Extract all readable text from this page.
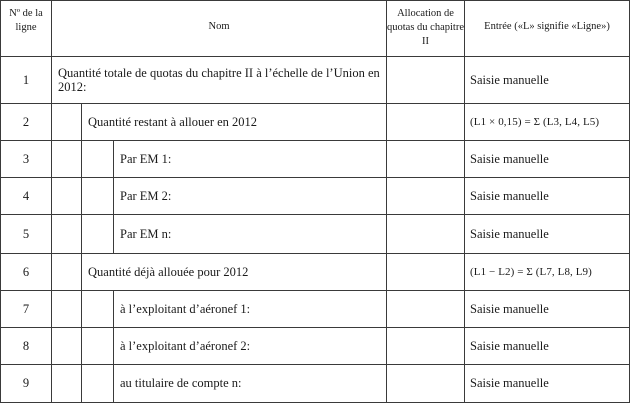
Nº de la ligne	Nom			Allocation de quotas du chapitre II	Entrée («L» signifie «Ligne»)
1	Quantité totale de quotas du chapitre II à l’échelle de l’Union en 2012:				Saisie manuelle
2		Quantité restant à allouer en 2012			(L1 × 0,15) = Σ (L3, L4, L5)
3			Par EM 1:		Saisie manuelle
4			Par EM 2:		Saisie manuelle
5			Par EM n:		Saisie manuelle
6		Quantité déjà allouée pour 2012			(L1 − L2) = Σ (L7, L8, L9)
7			à l’exploitant d’aéronef 1:		Saisie manuelle
8			à l’exploitant d’aéronef 2:		Saisie manuelle
9			au titulaire de compte n:		Saisie manuelle
